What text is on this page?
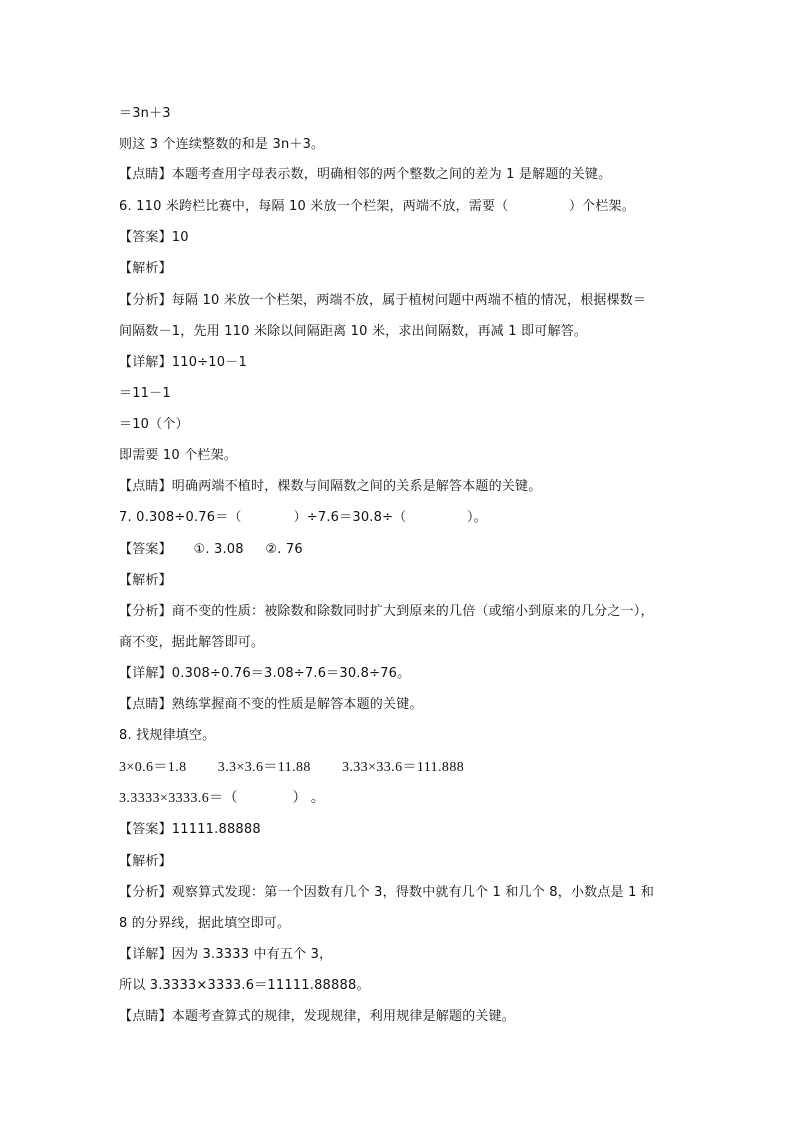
＝3n＋3
则这 3 个连续整数的和是 3n＋3。
【点睛】本题考查用字母表示数，明确相邻的两个整数之间的差为 1 是解题的关键。
6. 110 米跨栏比赛中，每隔 10 米放一个栏架，两端不放，需要（              ）个栏架。
【答案】10
【解析】
【分析】每隔 10 米放一个栏架，两端不放，属于植树问题中两端不植的情况，根据棵数＝
间隔数－1，先用 110 米除以间隔距离 10 米，求出间隔数，再减 1 即可解答。
【详解】110÷10－1
＝11－1
＝10（个）
即需要 10 个栏架。
【点睛】明确两端不植时，棵数与间隔数之间的关系是解答本题的关键。
7. 0.308÷0.76＝（            ）÷7.6＝30.8÷（              ）。
【答案】     ①. 3.08     ②. 76
【解析】
【分析】商不变的性质：被除数和除数同时扩大到原来的几倍（或缩小到原来的几分之一），
商不变，据此解答即可。
【详解】0.308÷0.76＝3.08÷7.6＝30.8÷76。
【点睛】熟练掌握商不变的性质是解答本题的关键。
8. 找规律填空。
3×0.6＝1.8        3.3×3.6＝11.88        3.33×33.6＝111.888
3.3333×3333.6＝（              ） 。
【答案】11111.88888
【解析】
【分析】观察算式发现：第一个因数有几个 3，得数中就有几个 1 和几个 8，小数点是 1 和
8 的分界线，据此填空即可。
【详解】因为 3.3333 中有五个 3，
所以 3.3333×3333.6＝11111.88888。
【点睛】本题考查算式的规律，发现规律，利用规律是解题的关键。
